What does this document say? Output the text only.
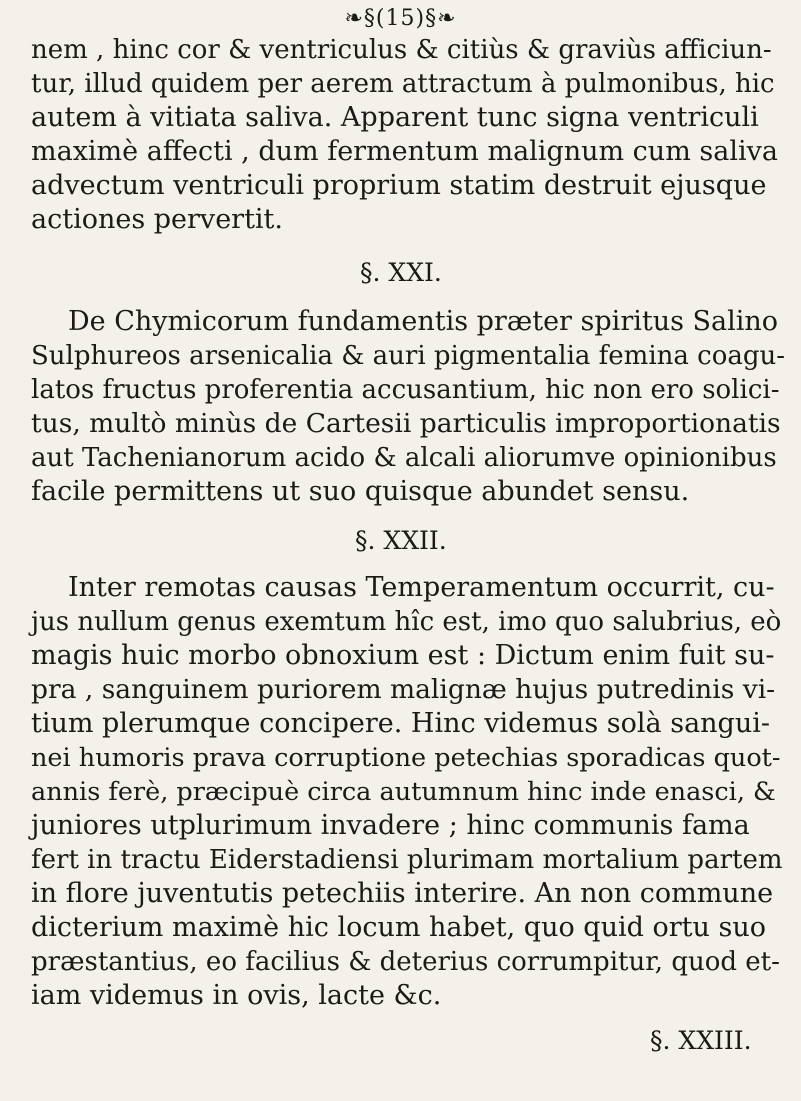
❧§(15)§❧
nem , hinc cor & ventriculus & citiùs & graviùs afficiun-
tur, illud quidem per aerem attractum à pulmonibus, hic
autem à vitiata saliva. Apparent tunc signa ventriculi
maximè affecti , dum fermentum malignum cum saliva
advectum ventriculi proprium statim destruit ejusque
actiones pervertit.
§. XXI.
De Chymicorum fundamentis præter spiritus Salino
Sulphureos arsenicalia & auri pigmentalia femina coagu-
latos fructus proferentia accusantium, hic non ero solici-
tus, multò minùs de Cartesii particulis improportionatis
aut Tachenianorum acido & alcali aliorumve opinionibus
facile permittens ut suo quisque abundet sensu.
§. XXII.
Inter remotas causas Temperamentum occurrit, cu-
jus nullum genus exemtum hîc est, imo quo salubrius, eò
magis huic morbo obnoxium est : Dictum enim fuit su-
pra , sanguinem puriorem malignæ hujus putredinis vi-
tium plerumque concipere. Hinc videmus solà sangui-
nei humoris prava corruptione petechias sporadicas quot-
annis ferè, præcipuè circa autumnum hinc inde enasci, &
juniores utplurimum invadere ; hinc communis fama
fert in tractu Eiderstadiensi plurimam mortalium partem
in flore juventutis petechiis interire. An non commune
dicterium maximè hic locum habet, quo quid ortu suo
præstantius, eo facilius & deterius corrumpitur, quod et-
iam videmus in ovis, lacte &c.
§. XXIII.
